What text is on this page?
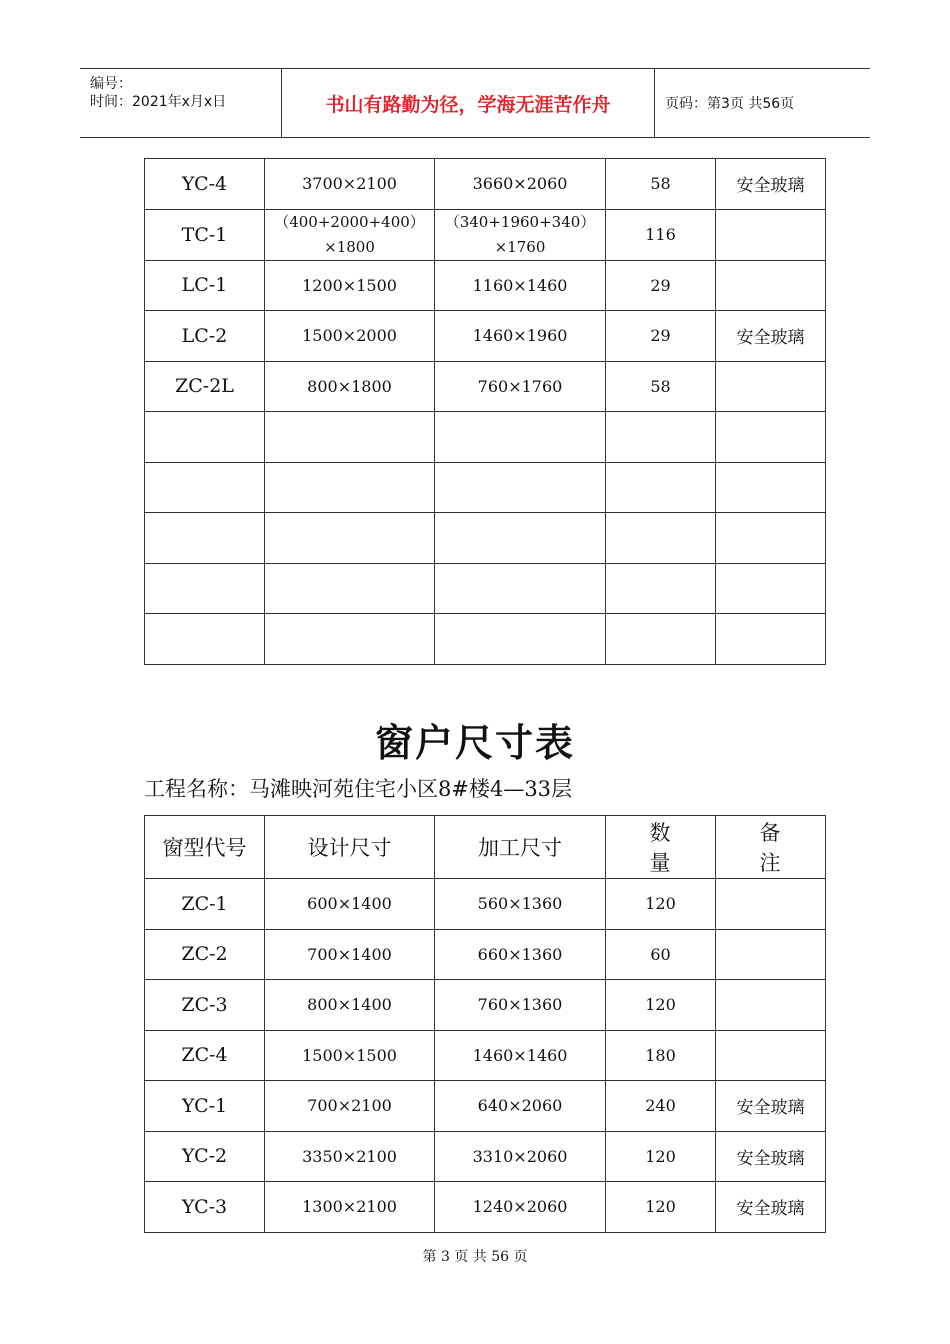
编号：
时间：2021年x月x日	书山有路勤为径，学海无涯苦作舟	页码：第3页 共56页
YC-4	3700×2100	3660×2060	58	安全玻璃
TC-1	（400+2000+400）×1800	（340+1960+340）×1760	116	
LC-1	1200×1500	1160×1460	29	
LC-2	1500×2000	1460×1960	29	安全玻璃
ZC-2L	800×1800	760×1760	58	

窗户尺寸表
工程名称：马滩映河苑住宅小区8#楼4—33层
窗型代号	设计尺寸	加工尺寸	数量	备注
ZC-1	600×1400	560×1360	120	
ZC-2	700×1400	660×1360	60	
ZC-3	800×1400	760×1360	120	
ZC-4	1500×1500	1460×1460	180	
YC-1	700×2100	640×2060	240	安全玻璃
YC-2	3350×2100	3310×2060	120	安全玻璃
YC-3	1300×2100	1240×2060	120	安全玻璃
第 3 页 共 56 页
